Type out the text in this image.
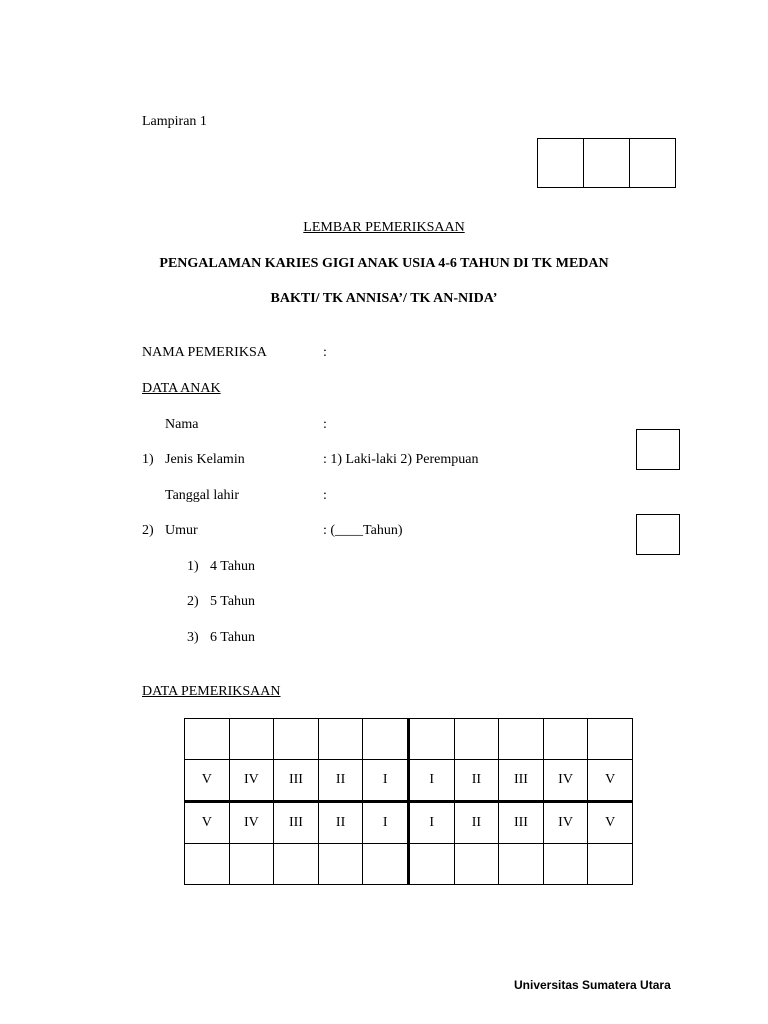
Lampiran 1
LEMBAR PEMERIKSAAN
PENGALAMAN KARIES GIGI ANAK USIA 4-6 TAHUN DI TK MEDAN
BAKTI/ TK ANNISA’/ TK AN-NIDA’
NAMA PEMERIKSA	:
DATA ANAK
Nama	:
1) Jenis Kelamin	: 1) Laki-laki 2) Perempuan
Tanggal lahir	:
2) Umur	: (____Tahun)
1) 4 Tahun
2) 5 Tahun
3) 6 Tahun
DATA PEMERIKSAAN

V	IV	III	II	I	I	II	III	IV	V
V	IV	III	II	I	I	II	III	IV	V

Universitas Sumatera Utara
